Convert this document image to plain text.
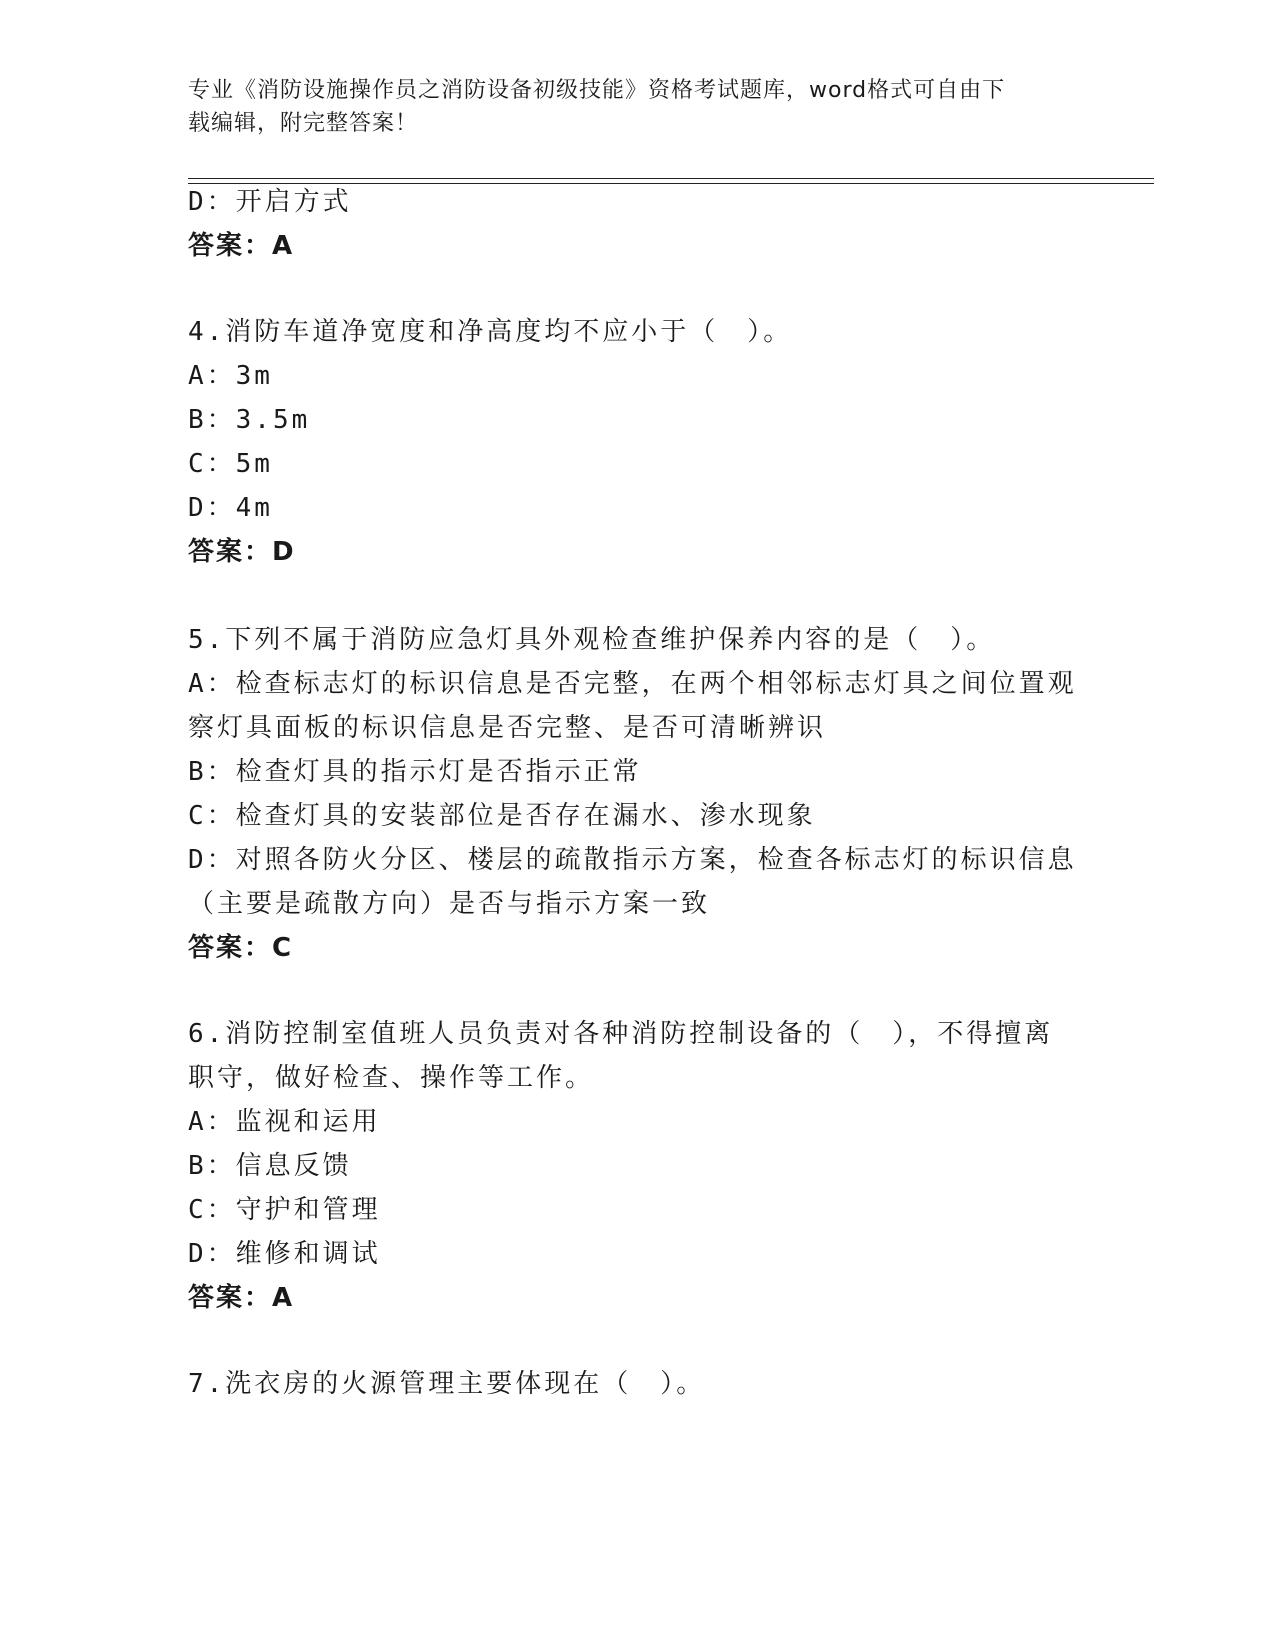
专业《消防设施操作员之消防设备初级技能》资格考试题库，word格式可自由下
载编辑，附完整答案！
D：开启方式
答案：A
4.消防车道净宽度和净高度均不应小于（　）。
A：3m
B：3.5m
C：5m
D：4m
答案：D
5.下列不属于消防应急灯具外观检查维护保养内容的是（　）。
A：检查标志灯的标识信息是否完整，在两个相邻标志灯具之间位置观
察灯具面板的标识信息是否完整、是否可清晰辨识
B：检查灯具的指示灯是否指示正常
C：检查灯具的安装部位是否存在漏水、渗水现象
D：对照各防火分区、楼层的疏散指示方案，检查各标志灯的标识信息
（主要是疏散方向）是否与指示方案一致
答案：C
6.消防控制室值班人员负责对各种消防控制设备的（　），不得擅离
职守，做好检查、操作等工作。
A：监视和运用
B：信息反馈
C：守护和管理
D：维修和调试
答案：A
7.洗衣房的火源管理主要体现在（　）。
